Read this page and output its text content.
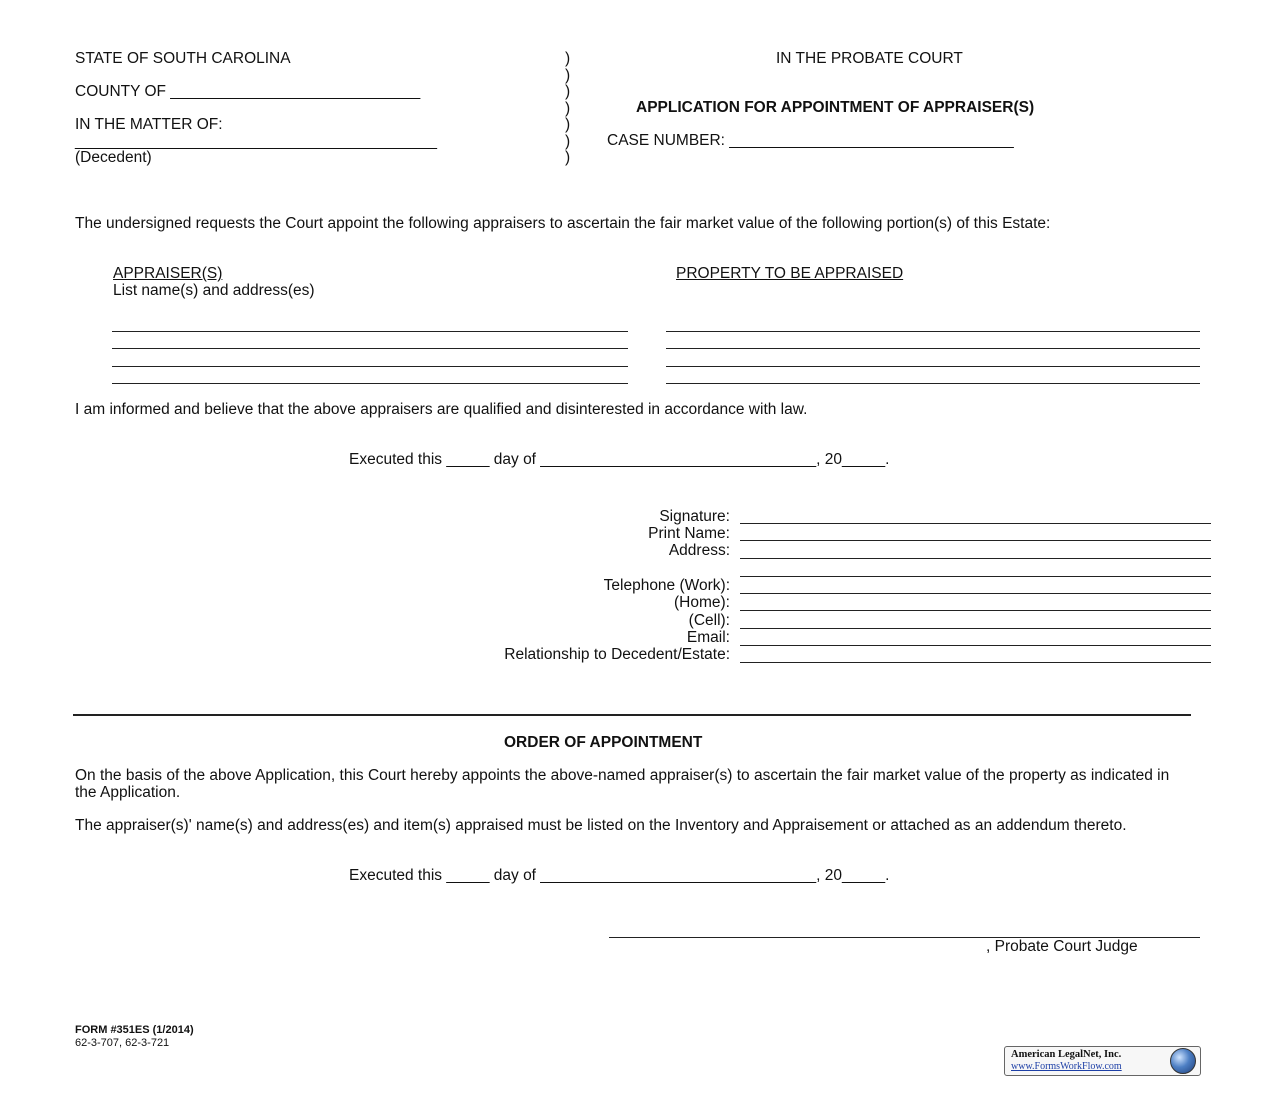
STATE OF SOUTH CAROLINA
COUNTY OF _____________________________
IN THE MATTER OF:
__________________________________________
(Decedent)
)
)
)
)
)
)
)
IN THE PROBATE COURT
APPLICATION FOR APPOINTMENT OF APPRAISER(S)
CASE NUMBER: _________________________________
The undersigned requests the Court appoint the following appraisers to ascertain the fair market value of the following portion(s) of this Estate:
APPRAISER(S)
List name(s) and address(es)
PROPERTY TO BE APPRAISED
I am informed and believe that the above appraisers are qualified and disinterested in accordance with law.
Executed this _____ day of ________________________________, 20_____.
Signature:
Print Name:
Address:
Telephone (Work):
(Home):
(Cell):
Email:
Relationship to Decedent/Estate:
ORDER OF APPOINTMENT
On the basis of the above Application, this Court hereby appoints the above-named appraiser(s) to ascertain the fair market value of the property as indicated in the Application.
The appraiser(s)' name(s) and address(es) and item(s) appraised must be listed on the Inventory and Appraisement or attached as an addendum thereto.
Executed this _____ day of ________________________________, 20_____.
, Probate Court Judge
FORM #351ES (1/2014)
62-3-707, 62-3-721
American LegalNet, Inc.
www.FormsWorkFlow.com
